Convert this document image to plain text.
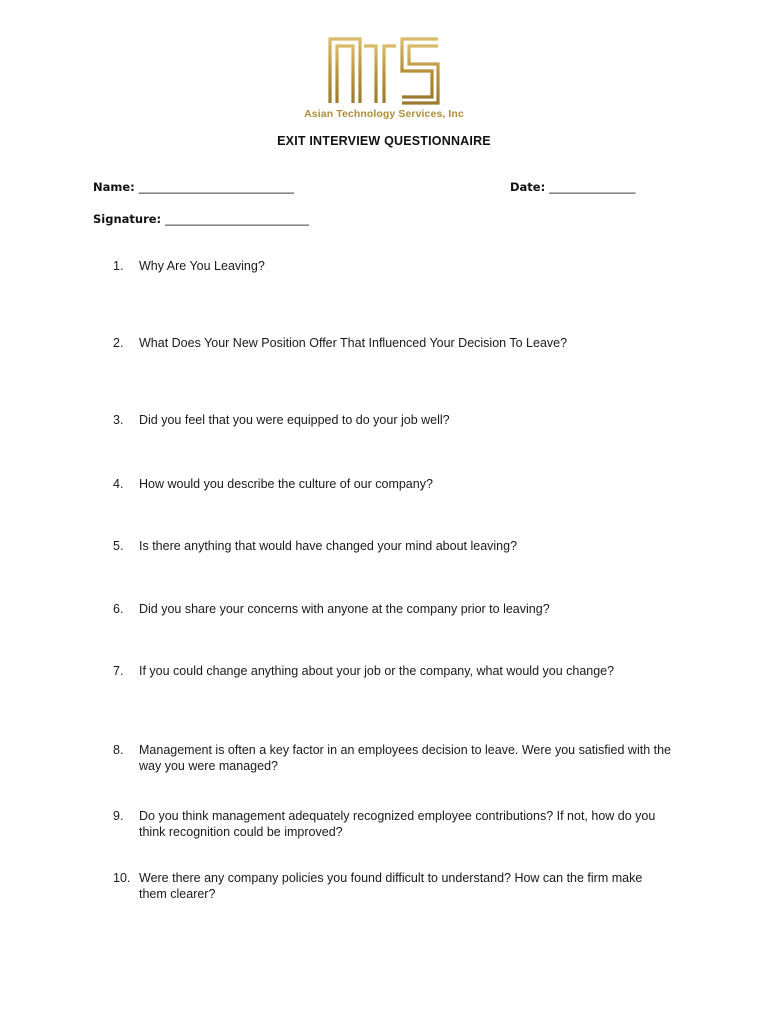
Asian Technology Services, Inc
EXIT INTERVIEW QUESTIONNAIRE
Name: ___________________________	Date: _______________
Signature: _________________________
1.	Why Are You Leaving?
2.	What Does Your New Position Offer That Influenced Your Decision To Leave?
3.	Did you feel that you were equipped to do your job well?
4.	How would you describe the culture of our company?
5.	Is there anything that would have changed your mind about leaving?
6.	Did you share your concerns with anyone at the company prior to leaving?
7.	If you could change anything about your job or the company, what would you change?
8.	Management is often a key factor in an employees decision to leave. Were you satisfied with the way you were managed?
9.	Do you think management adequately recognized employee contributions? If not, how do you think recognition could be improved?
10. Were there any company policies you found difficult to understand? How can the firm make them clearer?
